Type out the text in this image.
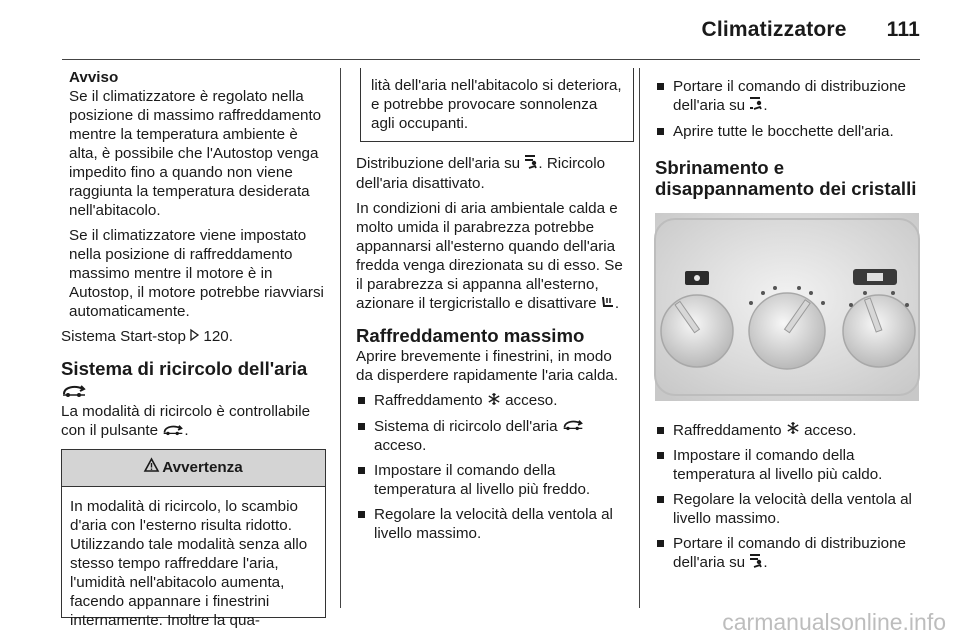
Climatizzatore 111

Avviso

Se il climatizzatore è regolato nella posizione di massimo raffreddamento mentre la temperatura ambiente è alta, è possibile che l'Autostop venga impedito fino a quando non viene raggiunta la temperatura desiderata nell'abitacolo.

Se il climatizzatore viene impostato nella posizione di raffreddamento massimo mentre il motore è in Autostop, il motore potrebbe riavviarsi automaticamente.

Sistema Start-stop 120.

Sistema di ricircolo dell'aria

La modalità di ricircolo è controllabile con il pulsante .

Avvertenza
In modalità di ricircolo, lo scambio d'aria con l'esterno risulta ridotto. Utilizzando tale modalità senza allo stesso tempo raffreddare l'aria, l'umidità nell'abitacolo aumenta, facendo appannare i finestrini internamente. Inoltre la qua-
lità dell'aria nell'abitacolo si deteriora, e potrebbe provocare sonnolenza agli occupanti.

Distribuzione dell'aria su . Ricircolo dell'aria disattivato.

In condizioni di aria ambientale calda e molto umida il parabrezza potrebbe appannarsi all'esterno quando dell'aria fredda venga direzionata su di esso. Se il parabrezza si appanna all'esterno, azionare il tergicristallo e disattivare .

Raffreddamento massimo

Aprire brevemente i finestrini, in modo da disperdere rapidamente l'aria calda.

Raffreddamento acceso.
Sistema di ricircolo dell'aria  acceso.
Impostare il comando della temperatura al livello più freddo.
Regolare la velocità della ventola al livello massimo.
Portare il comando di distribuzione dell'aria su .
Aprire tutte le bocchette dell'aria.
Sbrinamento e
disappannamento dei cristalli
Raffreddamento acceso.
Impostare il comando della temperatura al livello più caldo.
Regolare la velocità della ventola al livello massimo.
Portare il comando di distribuzione dell'aria su .
carmanualsonline.info
